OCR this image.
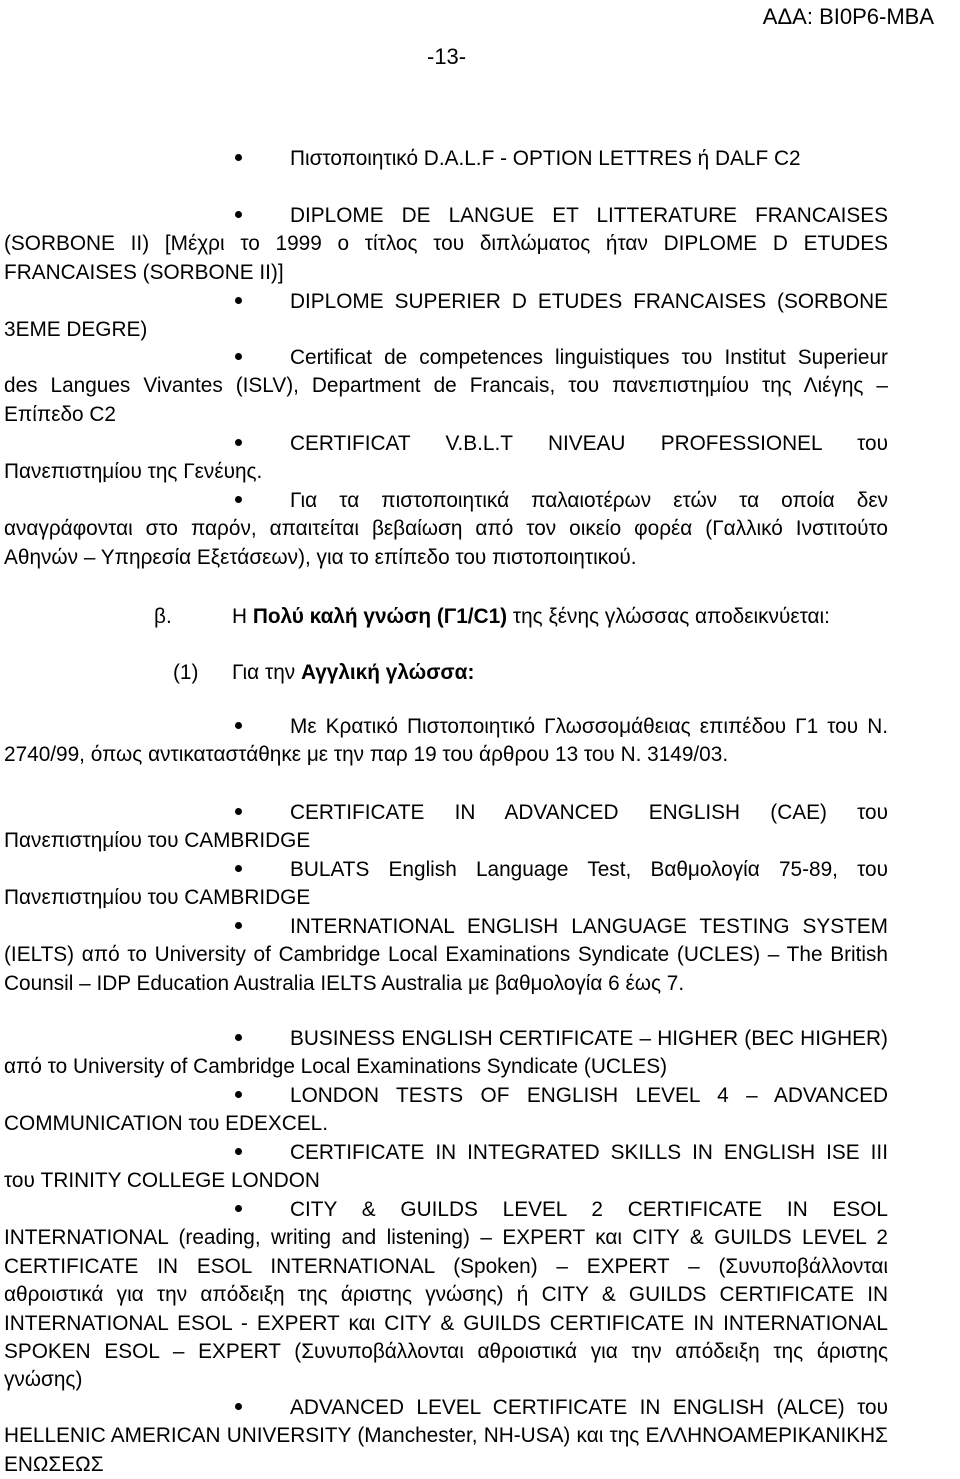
ΑΔΑ: ΒΙ0Ρ6-ΜΒΑ
-13-
Πιστοποιητικό D.A.L.F - OPTION LETTRES ή DALF C2
DIPLOME DE LANGUE ET LITTERATURE FRANCAISES (SORBONE II) [Μέχρι το 1999 ο τίτλος του διπλώματος ήταν DIPLOME D ETUDES FRANCAISES (SORBONE II)]
DIPLOME SUPERIER D ETUDES FRANCAISES (SORBONE 3EME DEGRE)
Certificat de competences linguistiques του Institut Superieur des Langues Vivantes (ISLV), Department de Francais, του πανεπιστημίου της Λιέγης – Επίπεδο C2
CERTIFICAT V.B.L.T NIVEAU PROFESSIONEL του Πανεπιστημίου της Γενέυης.
Για τα πιστοποιητικά παλαιοτέρων ετών τα οποία δεν αναγράφονται στο παρόν, απαιτείται βεβαίωση από τον οικείο φορέα (Γαλλικό Ινστιτούτο Αθηνών – Υπηρεσία Εξετάσεων), για το επίπεδο του πιστοποιητικού.
β.	Η Πολύ καλή γνώση (Γ1/C1) της ξένης γλώσσας αποδεικνύεται:
(1) Για την Αγγλική γλώσσα:
Με Κρατικό Πιστοποιητικό Γλωσσομάθειας επιπέδου Γ1 του Ν. 2740/99, όπως αντικαταστάθηκε με την παρ 19 του άρθρου 13 του Ν. 3149/03.
CERTIFICATE IN ADVANCED ENGLISH (CAE) του Πανεπιστημίου του CAMBRIDGE
BULATS English Language Test, Βαθμολογία 75-89, του Πανεπιστημίου του CAMBRIDGE
INTERNATIONAL ENGLISH LANGUAGE TESTING SYSTEM (IELTS) από το University of Cambridge Local Examinations Syndicate (UCLES) – The British Counsil – IDP Education Australia IELTS Australia με βαθμολογία 6 έως 7.
BUSINESS ENGLISH CERTIFICATE – HIGHER (BEC HIGHER) από το University of Cambridge Local Examinations Syndicate (UCLES)
LONDON TESTS OF ENGLISH LEVEL 4 – ADVANCED COMMUNICATION του EDEXCEL.
CERTIFICATE IN INTEGRATED SKILLS IN ENGLISH ISE III του TRINITY COLLEGE LONDON
CITY & GUILDS LEVEL 2 CERTIFICATE IN ESOL INTERNATIONAL (reading, writing and listening) – EXPERT και CITY & GUILDS LEVEL 2 CERTIFICATE IN ESOL INTERNATIONAL (Spoken) – EXPERT – (Συνυποβάλλονται αθροιστικά για την απόδειξη της άριστης γνώσης) ή CITY & GUILDS CERTIFICATE IN INTERNATIONAL ESOL - EXPERT και CITY & GUILDS CERTIFICATE IN INTERNATIONAL SPOKEN ESOL – EXPERT (Συνυποβάλλονται αθροιστικά για την απόδειξη της άριστης γνώσης)
ADVANCED LEVEL CERTIFICATE IN ENGLISH (ALCE) του HELLENIC AMERICAN UNIVERSITY (Manchester, NH-USA) και της ΕΛΛΗΝΟΑΜΕΡΙΚΑΝΙΚΗΣ ΕΝΩΣΕΩΣ
